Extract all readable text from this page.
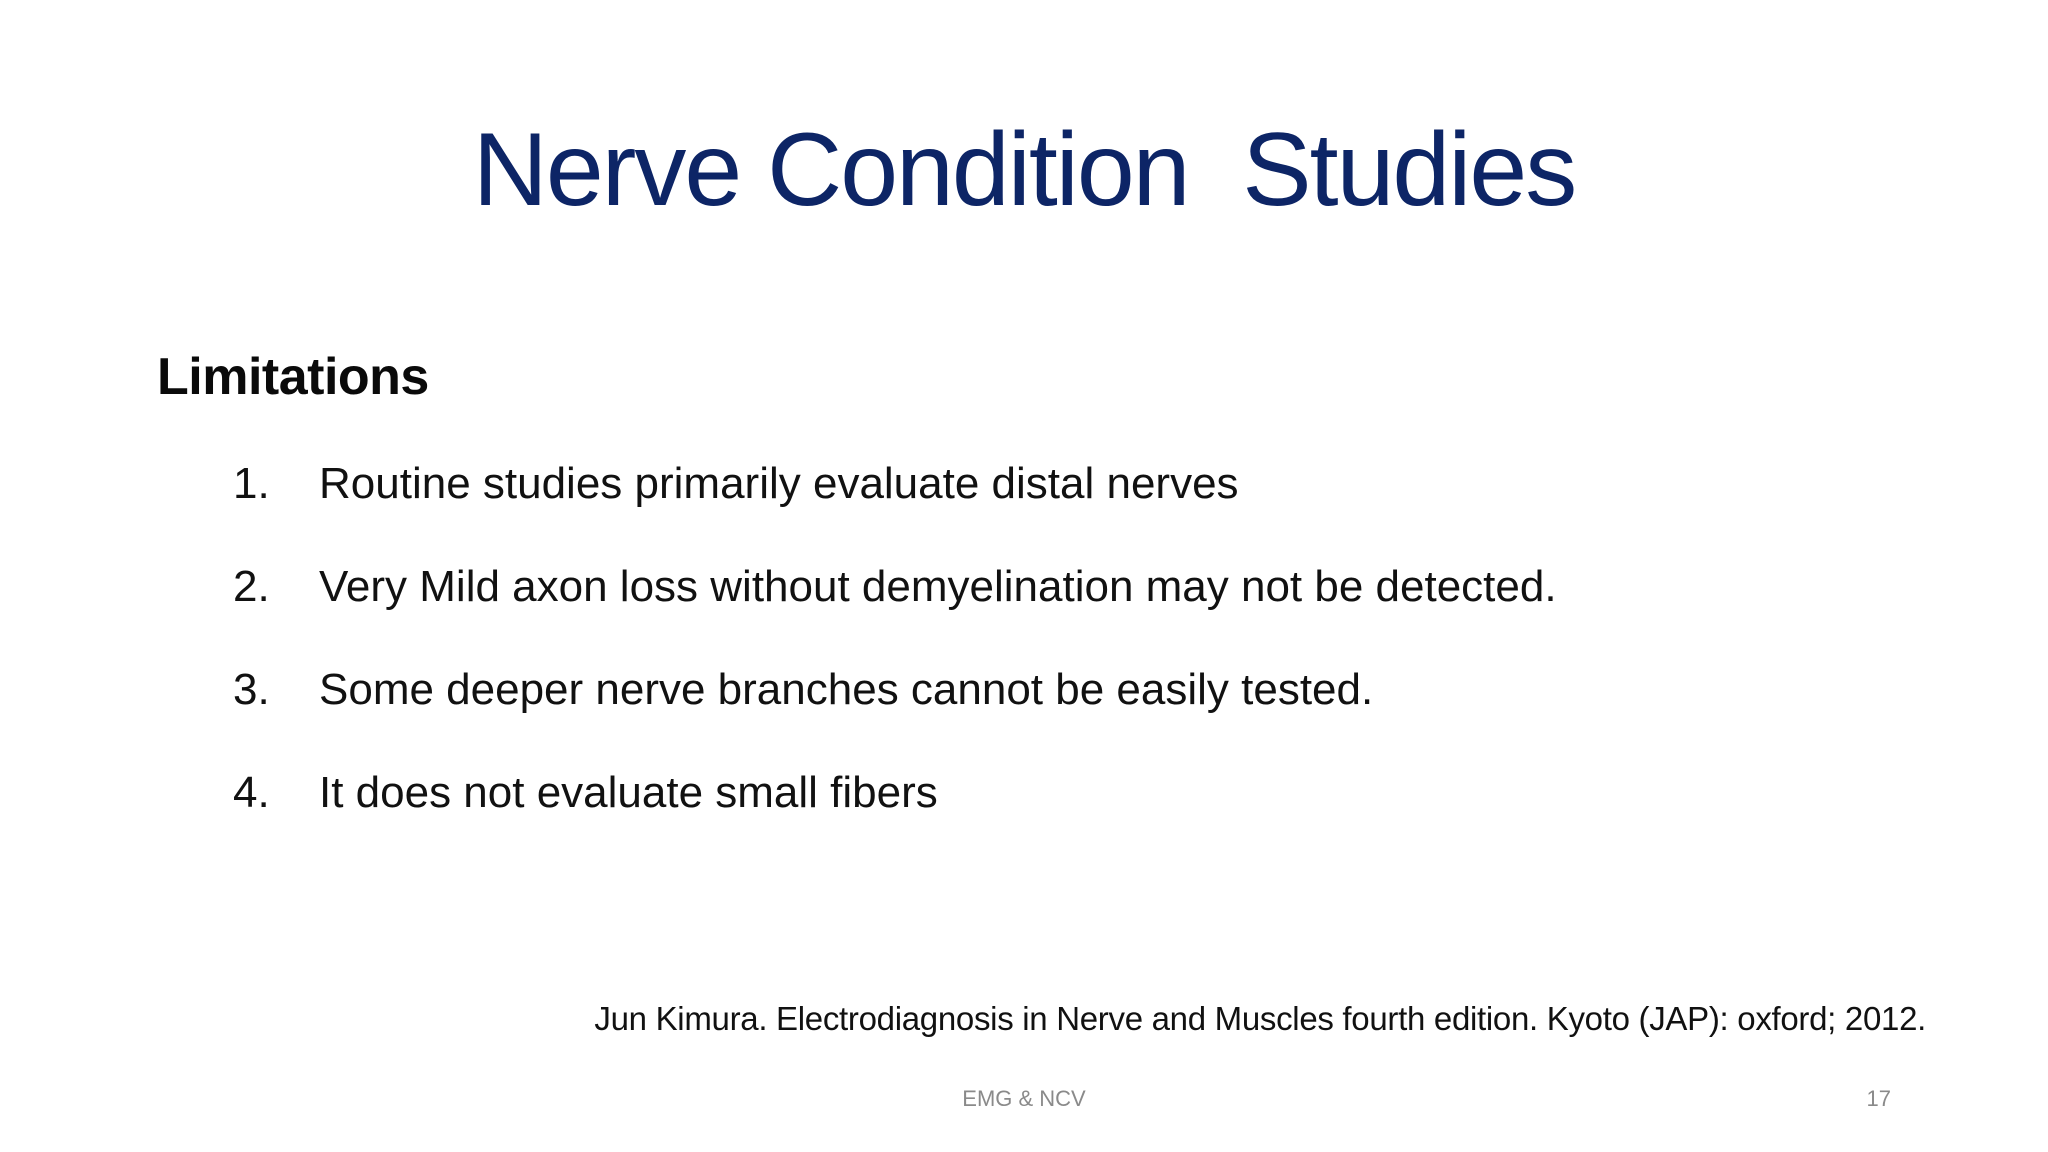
Nerve Condition  Studies
Limitations
1.	Routine studies primarily evaluate distal nerves
2.	Very Mild axon loss without demyelination may not be detected.
3.	Some deeper nerve branches cannot be easily tested.
4.	It does not evaluate small fibers
Jun Kimura. Electrodiagnosis in Nerve and Muscles fourth edition. Kyoto (JAP): oxford; 2012.
EMG & NCV	17
